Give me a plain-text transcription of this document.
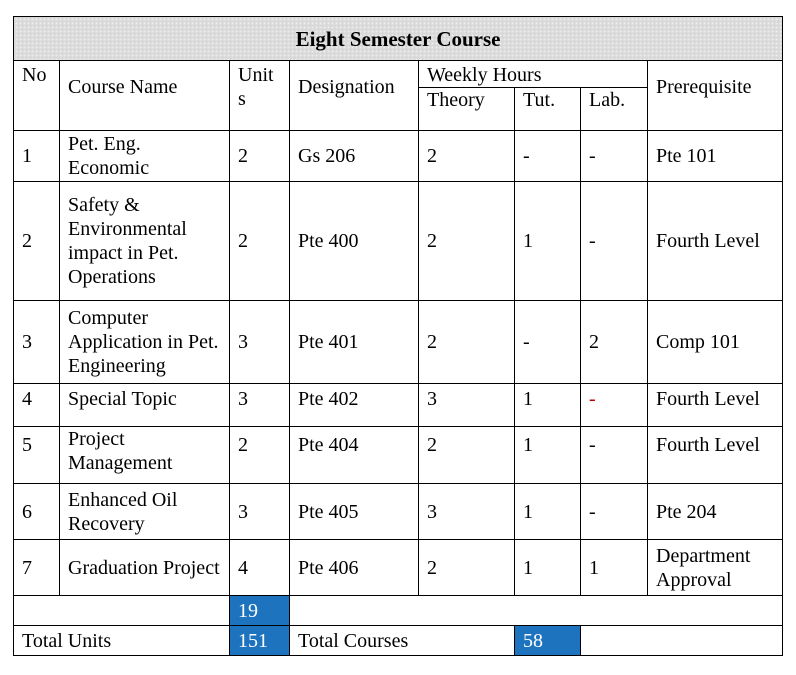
Eight Semester Course							
No	Course Name	Units	Designation	Weekly Hours			Prerequisite
				Theory	Tut.	Lab.	
1	Pet. Eng. Economic	2	Gs 206	2	-	-	Pte 101
2	Safety & Environmental impact in Pet. Operations	2	Pte 400	2	1	-	Fourth Level
3	Computer Application in Pet. Engineering	3	Pte 401	2	-	2	Comp 101
4	Special Topic	3	Pte 402	3	1	-	Fourth Level
5	Project Management	2	Pte 404	2	1	-	Fourth Level
6	Enhanced Oil Recovery	3	Pte 405	3	1	-	Pte 204
7	Graduation Project	4	Pte 406	2	1	1	Department Approval
		19					
Total Units		151	Total Courses		58		
